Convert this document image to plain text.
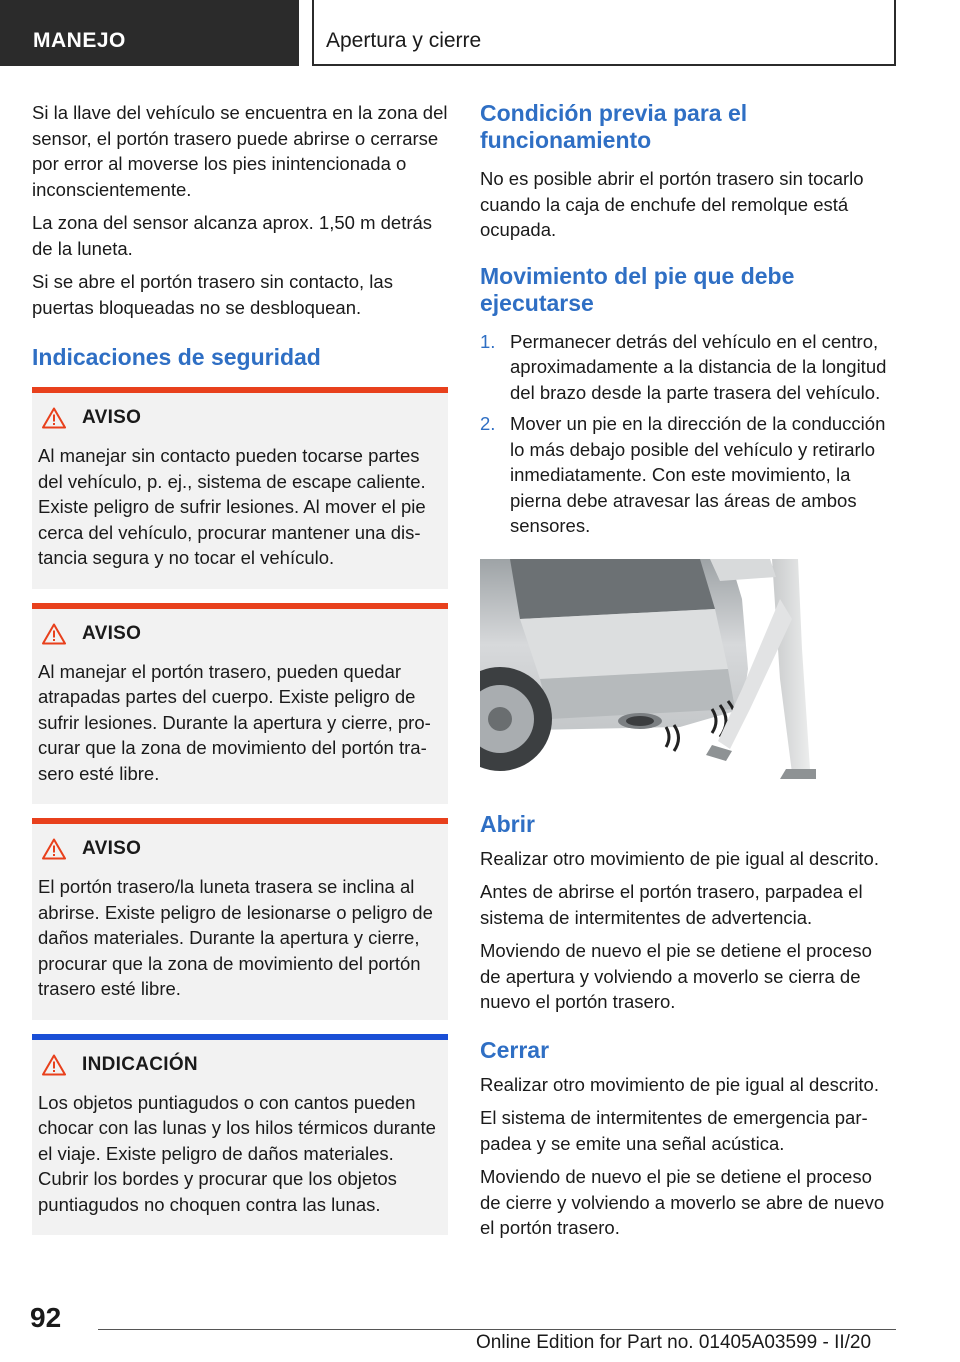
MANEJO	Apertura y cierre

Si la llave del vehículo se encuentra en la zona del sensor, el portón trasero puede abrirse o cerrarse por error al moverse los pies inintencionada o inconscientemente.

La zona del sensor alcanza aprox. 1,50 m detrás de la luneta.

Si se abre el portón trasero sin contacto, las puertas bloqueadas no se desbloquean.

Indicaciones de seguridad
AVISO

Al manejar sin contacto pueden tocarse partes del vehículo, p. ej., sistema de escape caliente. Existe peligro de sufrir lesiones. Al mover el pie cerca del vehículo, procurar mantener una distancia segura y no tocar el vehículo.

AVISO

Al manejar el portón trasero, pueden quedar atrapadas partes del cuerpo. Existe peligro de sufrir lesiones. Durante la apertura y cierre, procurar que la zona de movimiento del portón trasero esté libre.

AVISO

El portón trasero/la luneta trasera se inclina al abrirse. Existe peligro de lesionarse o peligro de daños materiales. Durante la apertura y cierre, procurar que la zona de movimiento del portón trasero esté libre.

INDICACIÓN

Los objetos puntiagudos o con cantos pueden chocar con las lunas y los hilos térmicos durante el viaje. Existe peligro de daños materiales. Cubrir los bordes y procurar que los objetos puntiagudos no choquen contra las lunas.

Condición previa para el funcionamiento

No es posible abrir el portón trasero sin tocarlo cuando la caja de enchufe del remolque está ocupada.

Movimiento del pie que debe ejecutarse
1. Permanecer detrás del vehículo en el centro, aproximadamente a la distancia de la longitud del brazo desde la parte trasera del vehículo.
2. Mover un pie en la dirección de la conducción lo más debajo posible del vehículo y retirarlo inmediatamente. Con este movimiento, la pierna debe atravesar las áreas de ambos sensores.
Abrir

Realizar otro movimiento de pie igual al descrito.

Antes de abrirse el portón trasero, parpadea el sistema de intermitentes de advertencia.

Moviendo de nuevo el pie se detiene el proceso de apertura y volviendo a moverlo se cierra de nuevo el portón trasero.

Cerrar

Realizar otro movimiento de pie igual al descrito.

El sistema de intermitentes de emergencia parpadea y se emite una señal acústica.

Moviendo de nuevo el pie se detiene el proceso de cierre y volviendo a moverlo se abre de nuevo el portón trasero.

92
Online Edition for Part no. 01405A03599 - II/20
